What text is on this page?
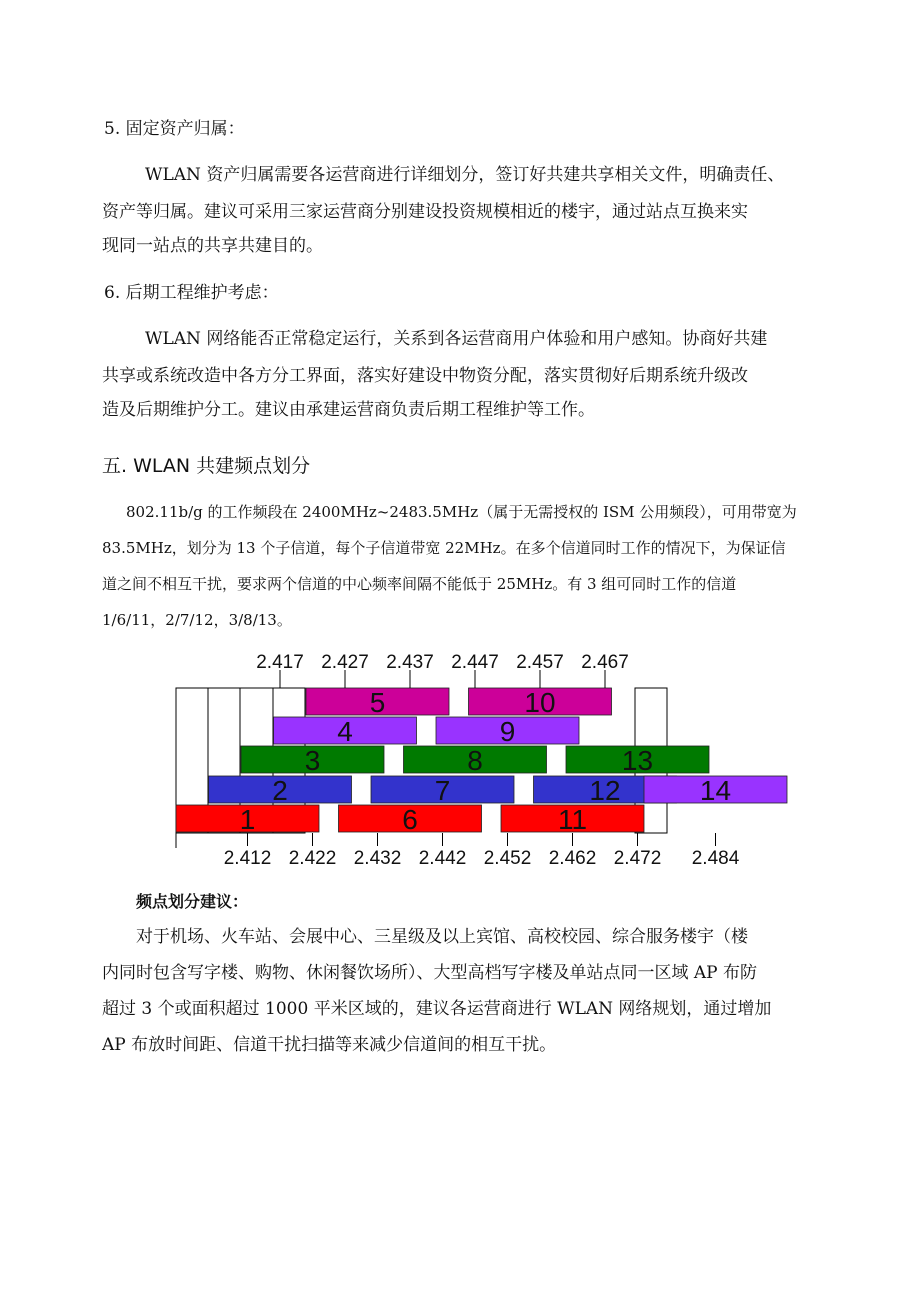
5. 固定资产归属：
WLAN 资产归属需要各运营商进行详细划分，签订好共建共享相关文件，明确责任、
资产等归属。建议可采用三家运营商分别建设投资规模相近的楼宇，通过站点互换来实
现同一站点的共享共建目的。
6. 后期工程维护考虑：
WLAN 网络能否正常稳定运行，关系到各运营商用户体验和用户感知。协商好共建
共享或系统改造中各方分工界面，落实好建设中物资分配，落实贯彻好后期系统升级改
造及后期维护分工。建议由承建运营商负责后期工程维护等工作。
五. WLAN 共建频点划分
802.11b/g 的工作频段在 2400MHz~2483.5MHz（属于无需授权的 ISM 公用频段），可用带宽为
83.5MHz，划分为 13 个子信道，每个子信道带宽 22MHz。在多个信道同时工作的情况下，为保证信
道之间不相互干扰，要求两个信道的中心频率间隔不能低于 25MHz。有 3 组可同时工作的信道
1/6/11，2/7/12，3/8/13。
1
2
3
4
5
6
7
8
9
10
11
12
13
14
2.417 2.427 2.437 2.447 2.457 2.467
2.412 2.422 2.432 2.442 2.452 2.462 2.472 2.484
频点划分建议：
对于机场、火车站、会展中心、三星级及以上宾馆、高校校园、综合服务楼宇（楼
内同时包含写字楼、购物、休闲餐饮场所）、大型高档写字楼及单站点同一区域 AP 布防
超过 3 个或面积超过 1000 平米区域的，建议各运营商进行 WLAN 网络规划，通过增加
AP 布放时间距、信道干扰扫描等来减少信道间的相互干扰。
